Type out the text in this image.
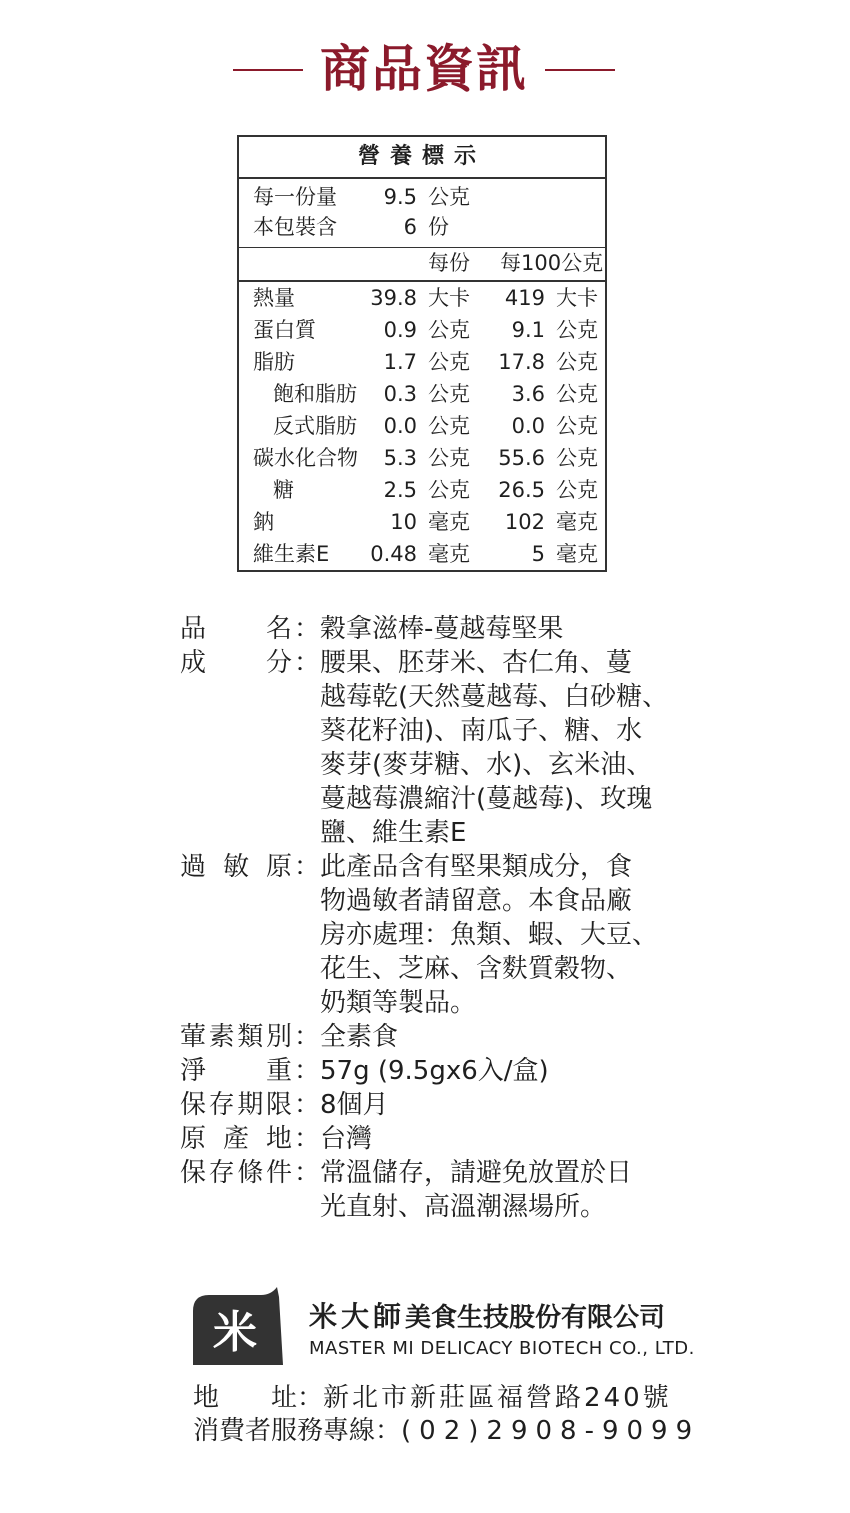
商品資訊
營養標示
每一份量	9.5 公克
本包裝含	6 份
每份 每100公克
熱量	39.8 大卡	419 大卡
蛋白質	0.9 公克	9.1 公克
脂肪	1.7 公克	17.8 公克
飽和脂肪	0.3 公克	3.6 公克
反式脂肪	0.0 公克	0.0 公克
碳水化合物	5.3 公克	55.6 公克
糖	2.5 公克	26.5 公克
鈉	10 毫克	102 毫克
維生素E	0.48 毫克	5 毫克
品 名 ： 穀拿滋棒-蔓越莓堅果
成 分 ： 腰果、胚芽米、杏仁角、蔓
越莓乾(天然蔓越莓、白砂糖、
葵花籽油)、南瓜子、糖、水
麥芽(麥芽糖、水)、玄米油、
蔓越莓濃縮汁(蔓越莓)、玫瑰
鹽、維生素E
過 敏 原 ： 此產品含有堅果類成分，食
物過敏者請留意。本食品廠
房亦處理：魚類、蝦、大豆、
花生、芝麻、含麩質穀物、
奶類等製品。
葷 素 類 別 ： 全素食
淨 重 ： 57g (9.5gx6入/盒)
保 存 期 限 ： 8個月
原 產 地 ： 台灣
保 存 條 件 ： 常溫儲存，請避免放置於日
光直射、高溫潮濕場所。
米 米大師美食生技股份有限公司
MASTER MI DELICACY BIOTECH CO., LTD.
地　　址：新北市新莊區福營路240號
消費者服務專線：(02)2908-9099
